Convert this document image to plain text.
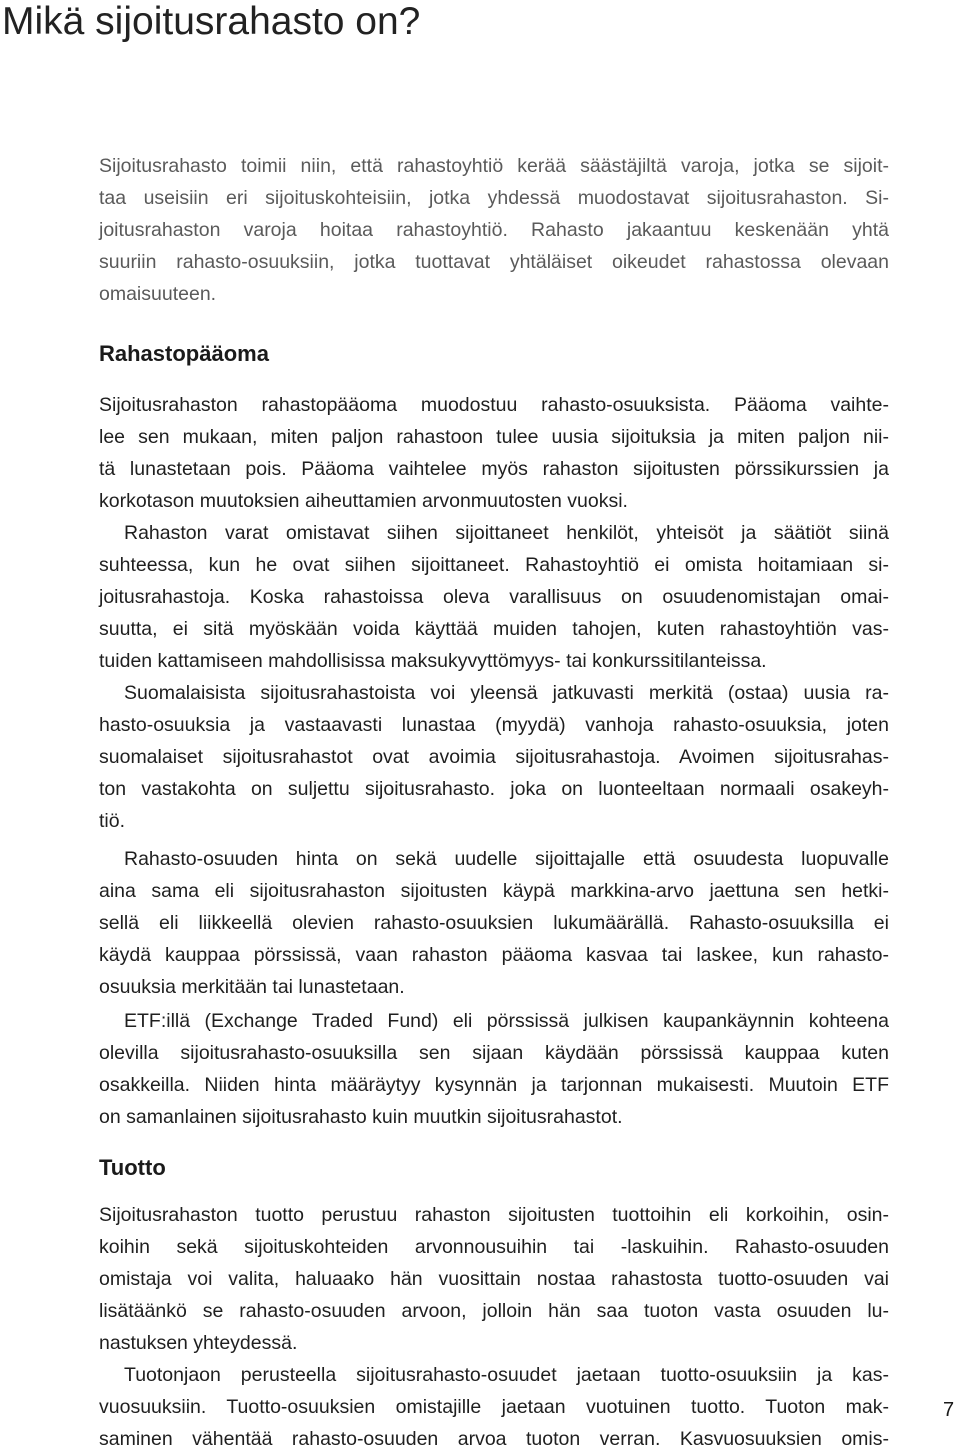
Mikä sijoitusrahasto on?

Sijoitusrahasto toimii niin, että rahastoyhtiö kerää säästäjiltä varoja, jotka se sijoit-

taa useisiin eri sijoituskohteisiin, jotka yhdessä muodostavat sijoitusrahaston. Si-

joitusrahaston varoja hoitaa rahastoyhtiö. Rahasto jakaantuu keskenään yhtä

suuriin rahasto-osuuksiin, jotka tuottavat yhtäläiset oikeudet rahastossa olevaan

omaisuuteen.

Rahastopääoma

Sijoitusrahaston rahastopääoma muodostuu rahasto-osuuksista. Pääoma vaihte-

lee sen mukaan, miten paljon rahastoon tulee uusia sijoituksia ja miten paljon nii-

tä lunastetaan pois. Pääoma vaihtelee myös rahaston sijoitusten pörssikurssien ja

korkotason muutoksien aiheuttamien arvonmuutosten vuoksi.

Rahaston varat omistavat siihen sijoittaneet henkilöt, yhteisöt ja säätiöt siinä

suhteessa, kun he ovat siihen sijoittaneet. Rahastoyhtiö ei omista hoitamiaan si-

joitusrahastoja. Koska rahastoissa oleva varallisuus on osuudenomistajan omai-

suutta, ei sitä myöskään voida käyttää muiden tahojen, kuten rahastoyhtiön vas-

tuiden kattamiseen mahdollisissa maksukyvyttömyys- tai konkurssitilanteissa.

Suomalaisista sijoitusrahastoista voi yleensä jatkuvasti merkitä (ostaa) uusia ra-

hasto-osuuksia ja vastaavasti lunastaa (myydä) vanhoja rahasto-osuuksia, joten

suomalaiset sijoitusrahastot ovat avoimia sijoitusrahastoja. Avoimen sijoitusrahas-

ton vastakohta on suljettu sijoitusrahasto. joka on luonteeltaan normaali osakeyh-

tiö.

Rahasto-osuuden hinta on sekä uudelle sijoittajalle että osuudesta luopuvalle

aina sama eli sijoitusrahaston sijoitusten käypä markkina-arvo jaettuna sen hetki-

sellä eli liikkeellä olevien rahasto-osuuksien lukumäärällä. Rahasto-osuuksilla ei

käydä kauppaa pörssissä, vaan rahaston pääoma kasvaa tai laskee, kun rahasto-

osuuksia merkitään tai lunastetaan.

ETF:illä (Exchange Traded Fund) eli pörssissä julkisen kaupankäynnin kohteena

olevilla sijoitusrahasto-osuuksilla sen sijaan käydään pörssissä kauppaa kuten

osakkeilla. Niiden hinta määräytyy kysynnän ja tarjonnan mukaisesti. Muutoin ETF

on samanlainen sijoitusrahasto kuin muutkin sijoitusrahastot.

Tuotto

Sijoitusrahaston tuotto perustuu rahaston sijoitusten tuottoihin eli korkoihin, osin-

koihin sekä sijoituskohteiden arvonnousuihin tai -laskuihin. Rahasto-osuuden

omistaja voi valita, haluaako hän vuosittain nostaa rahastosta tuotto-osuuden vai

lisätäänkö se rahasto-osuuden arvoon, jolloin hän saa tuoton vasta osuuden lu-

nastuksen yhteydessä.

Tuotonjaon perusteella sijoitusrahasto-osuudet jaetaan tuotto-osuuksiin ja kas-

vuosuuksiin. Tuotto-osuuksien omistajille jaetaan vuotuinen tuotto. Tuoton mak-

saminen vähentää rahasto-osuuden arvoa tuoton verran. Kasvuosuuksien omis-

7
